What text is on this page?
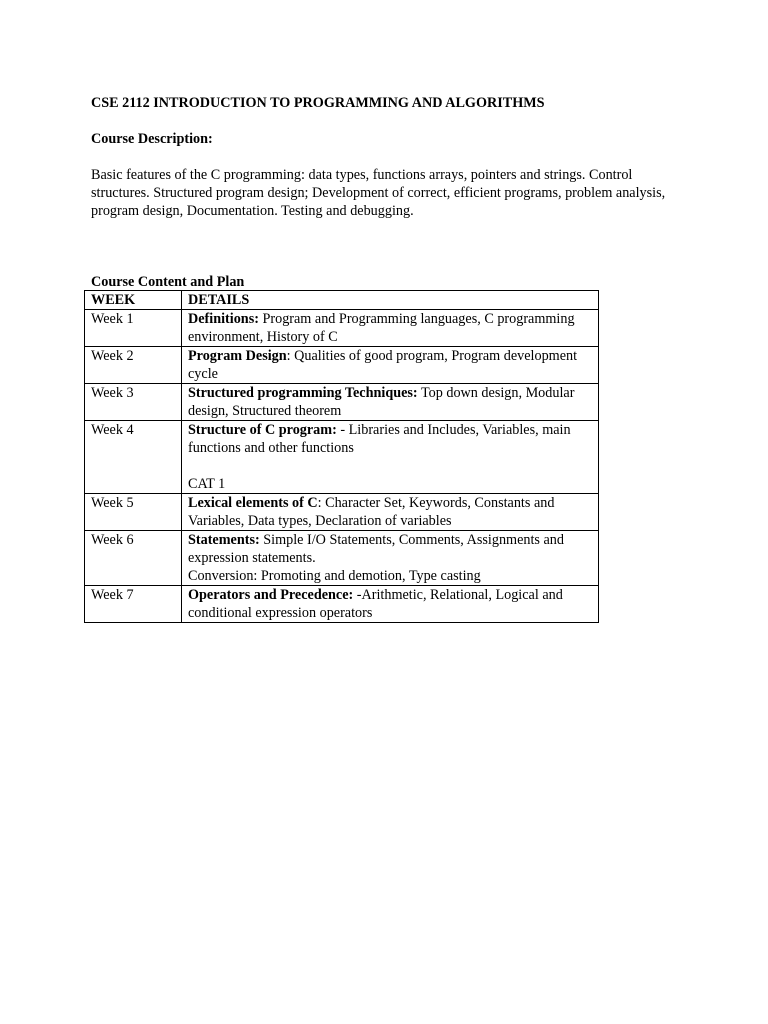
CSE 2112 INTRODUCTION TO PROGRAMMING AND ALGORITHMS
Course Description:

Basic features of the C programming: data types, functions arrays, pointers and strings. Control structures. Structured program design; Development of correct, efficient programs, problem analysis, program design, Documentation. Testing and debugging.

Course Content and Plan
WEEK	DETAILS
Week 1	Definitions: Program and Programming languages, C programming environment, History of C

Week 2	Program Design: Qualities of good program, Program development cycle

Week 3	Structured programming Techniques: Top down design, Modular design, Structured theorem

Week 4	Structure of C program: - Libraries and Includes, Variables, main functions and other functions
CAT 1

Week 5	Lexical elements of C: Character Set, Keywords, Constants and Variables, Data types, Declaration of variables

Week 6	Statements: Simple I/O Statements, Comments, Assignments and expression statements.
Conversion: Promoting and demotion, Type casting

Week 7	Operators and Precedence: -Arithmetic, Relational, Logical and conditional expression operators
